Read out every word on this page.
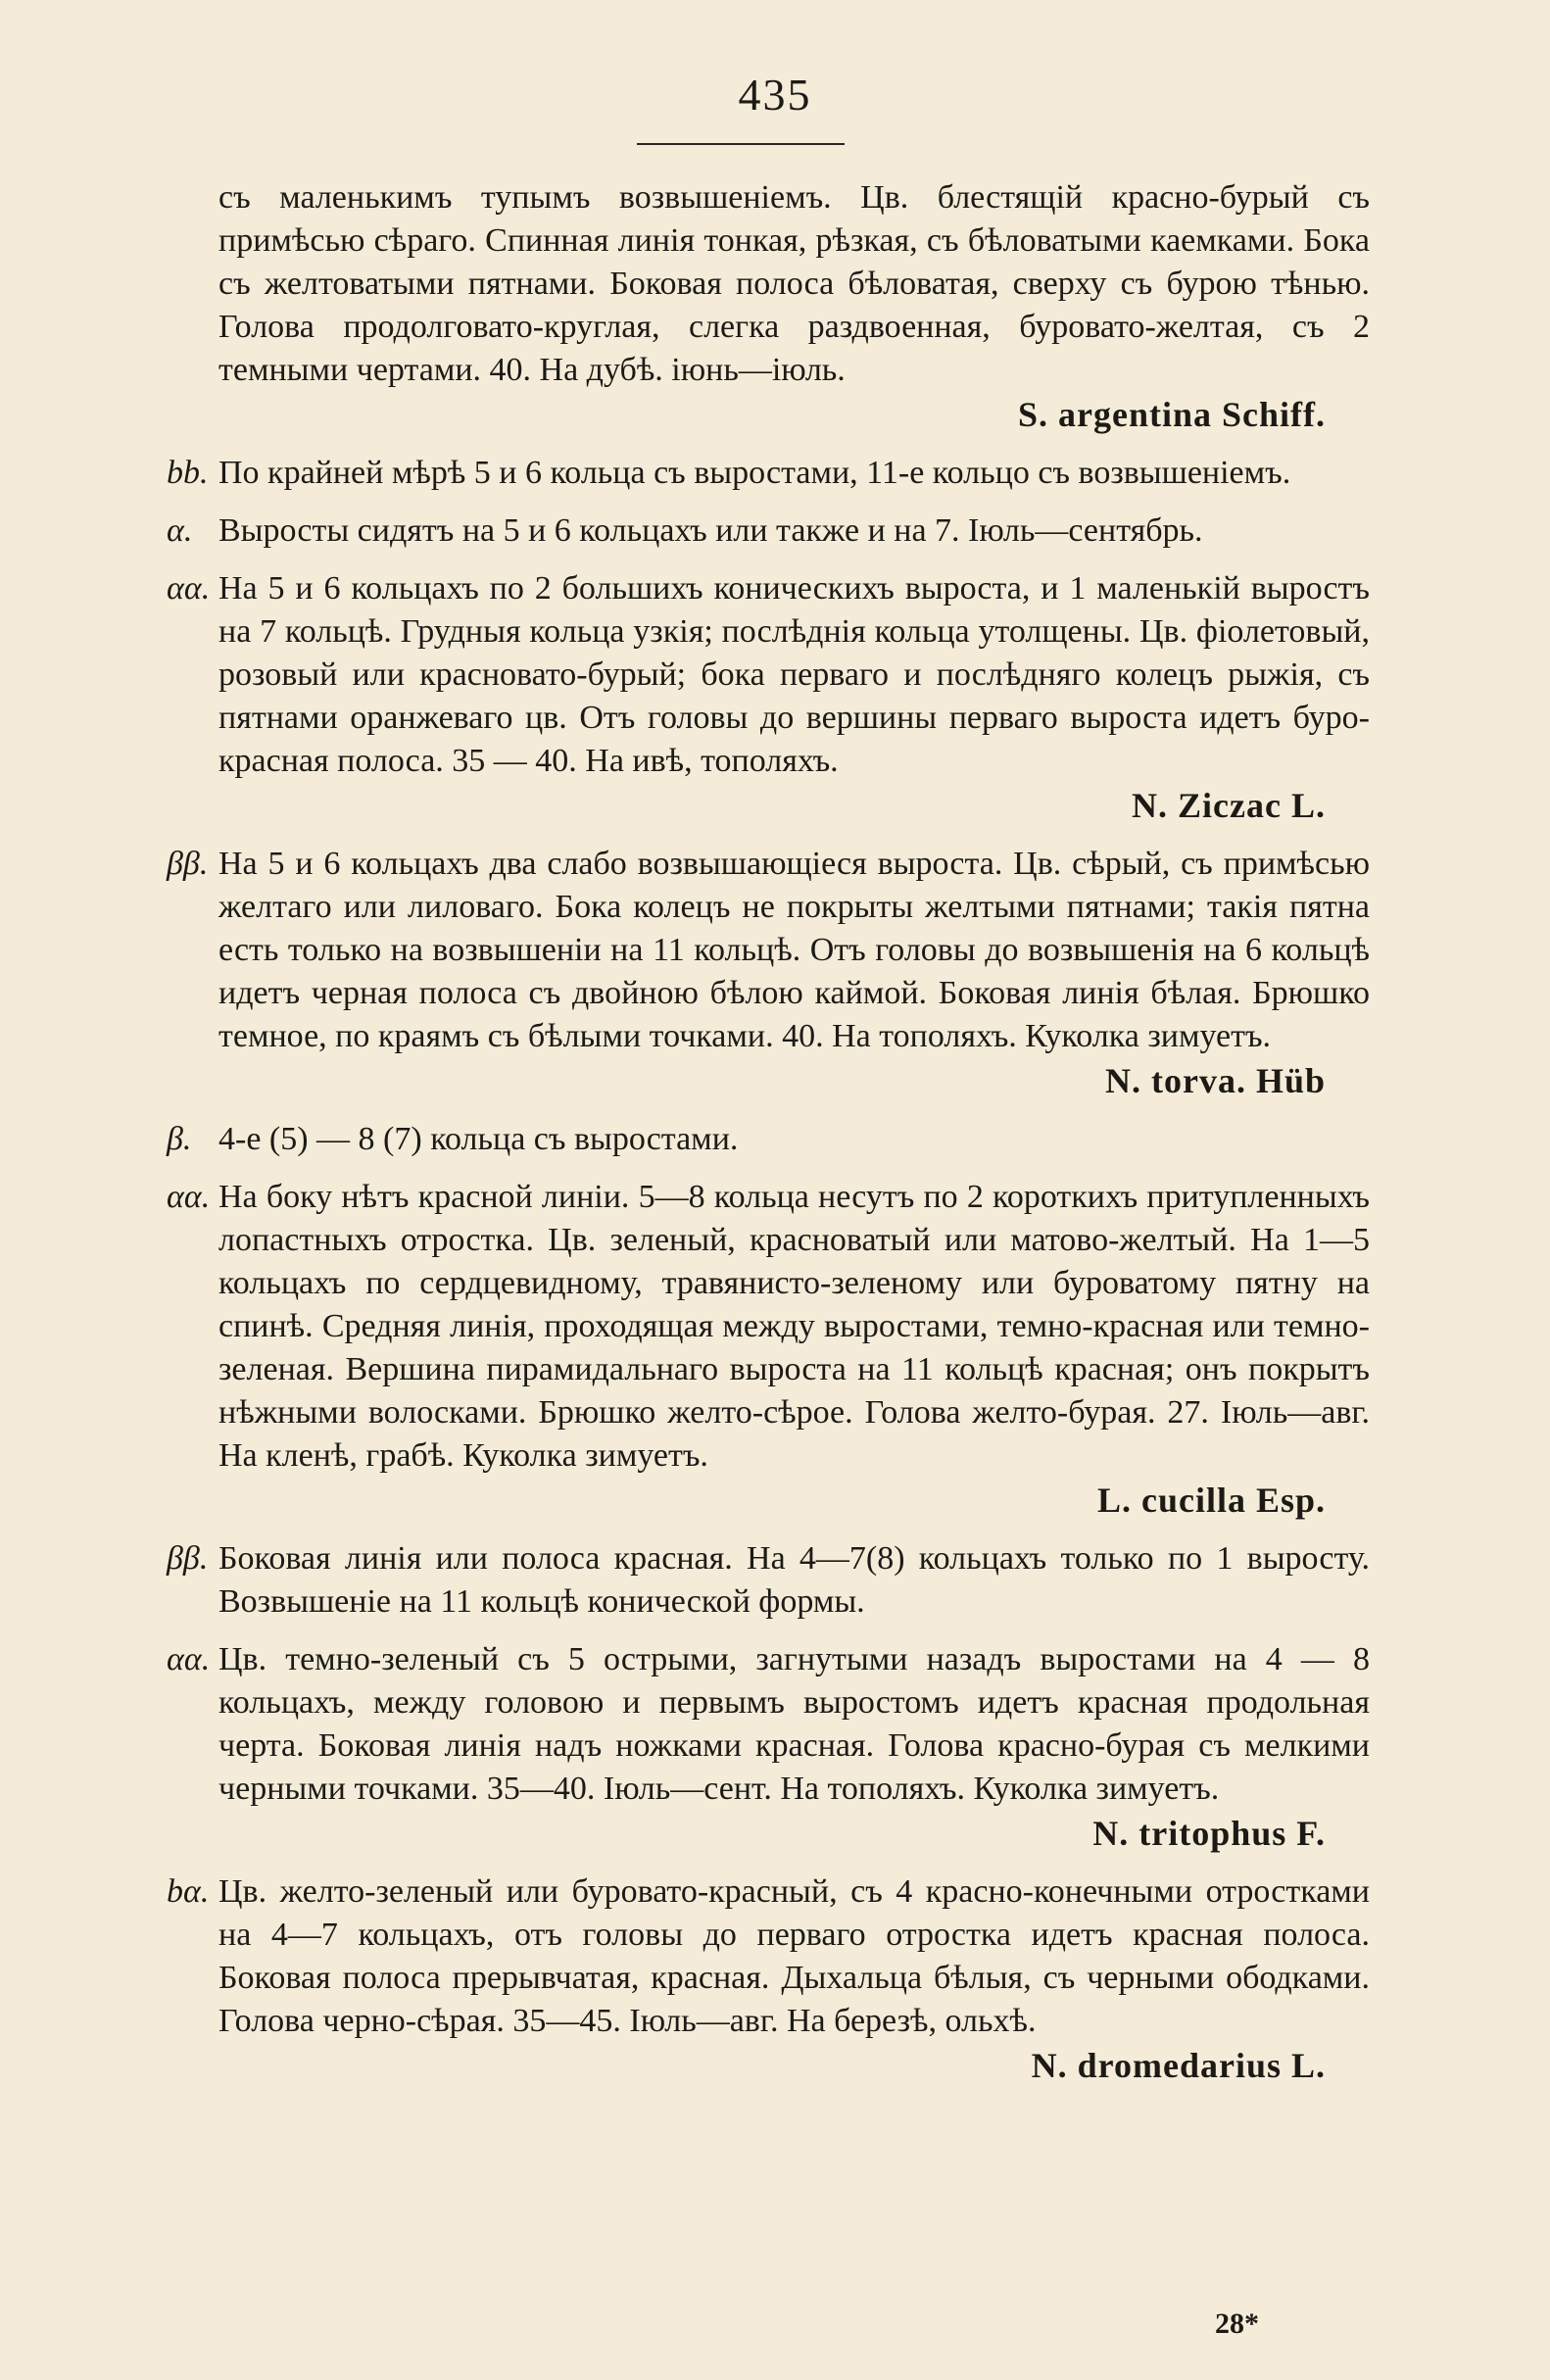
435
съ маленькимъ тупымъ возвышеніемъ. Цв. блестящій красно-бурый съ примѣсью сѣраго. Спинная линія тонкая, рѣзкая, съ бѣловатыми каемками. Бока съ желтоватыми пятнами. Боковая полоса бѣловатая, сверху съ бурою тѣнью. Голова продолговато-круглая, слегка раздвоенная, буровато-желтая, съ 2 темными чертами. 40. На дубѣ. іюнь—іюль.
S. argentina Schiff.
bb. По крайней мѣрѣ 5 и 6 кольца съ выростами, 11-е кольцо съ возвышеніемъ.
α. Выросты сидятъ на 5 и 6 кольцахъ или также и на 7. Іюль—сентябрь.
αα. На 5 и 6 кольцахъ по 2 большихъ коническихъ выроста, и 1 маленькій выростъ на 7 кольцѣ. Грудныя кольца узкія; послѣднія кольца утолщены. Цв. фіолетовый, розовый или красновато-бурый; бока перваго и послѣдняго колецъ рыжія, съ пятнами оранжеваго цв. Отъ головы до вершины перваго выроста идетъ буро-красная полоса. 35 — 40. На ивѣ, тополяхъ.
N. Ziczac L.
ββ. На 5 и 6 кольцахъ два слабо возвышающіеся выроста. Цв. сѣрый, съ примѣсью желтаго или лиловаго. Бока колецъ не покрыты желтыми пятнами; такія пятна есть только на возвышеніи на 11 кольцѣ. Отъ головы до возвышенія на 6 кольцѣ идетъ черная полоса съ двойною бѣлою каймой. Боковая линія бѣлая. Брюшко темное, по краямъ съ бѣлыми точками. 40. На тополяхъ. Куколка зимуетъ.
N. torva. Hüb
β. 4-е (5) — 8 (7) кольца съ выростами.
αα. На боку нѣтъ красной линіи. 5—8 кольца несутъ по 2 короткихъ притупленныхъ лопастныхъ отростка. Цв. зеленый, красноватый или матово-желтый. На 1—5 кольцахъ по сердцевидному, травянисто-зеленому или буроватому пятну на спинѣ. Средняя линія, проходящая между выростами, темно-красная или темно-зеленая. Вершина пирамидальнаго выроста на 11 кольцѣ красная; онъ покрытъ нѣжными волосками. Брюшко желто-сѣрое. Голова желто-бурая. 27. Іюль—авг. На кленѣ, грабѣ. Куколка зимуетъ.
L. cucilla Esp.
ββ. Боковая линія или полоса красная. На 4—7(8) кольцахъ только по 1 выросту. Возвышеніе на 11 кольцѣ конической формы.
αα. Цв. темно-зеленый съ 5 острыми, загнутыми назадъ выростами на 4 — 8 кольцахъ, между головою и первымъ выростомъ идетъ красная продольная черта. Боковая линія надъ ножками красная. Голова красно-бурая съ мелкими черными точками. 35—40. Іюль—сент. На тополяхъ. Куколка зимуетъ.
N. tritophus F.
bα. Цв. желто-зеленый или буровато-красный, съ 4 красно-конечными отростками на 4—7 кольцахъ, отъ головы до перваго отростка идетъ красная полоса. Боковая полоса прерывчатая, красная. Дыхальца бѣлыя, съ черными ободками. Голова черно-сѣрая. 35—45. Іюль—авг. На березѣ, ольхѣ.
N. dromedarius L.
28*
